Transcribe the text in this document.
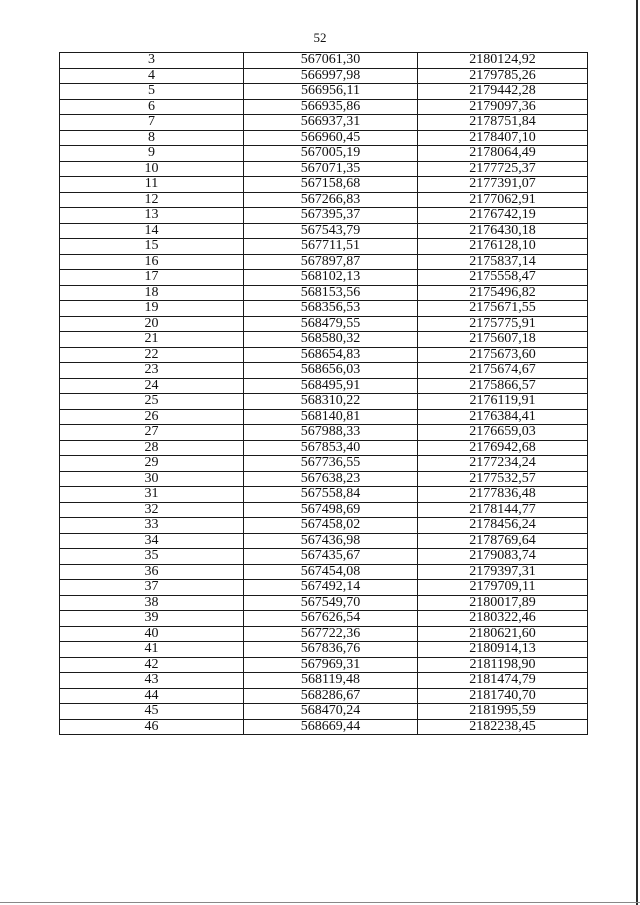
52
3	567061,30	2180124,92
4	566997,98	2179785,26
5	566956,11	2179442,28
6	566935,86	2179097,36
7	566937,31	2178751,84
8	566960,45	2178407,10
9	567005,19	2178064,49
10	567071,35	2177725,37
11	567158,68	2177391,07
12	567266,83	2177062,91
13	567395,37	2176742,19
14	567543,79	2176430,18
15	567711,51	2176128,10
16	567897,87	2175837,14
17	568102,13	2175558,47
18	568153,56	2175496,82
19	568356,53	2175671,55
20	568479,55	2175775,91
21	568580,32	2175607,18
22	568654,83	2175673,60
23	568656,03	2175674,67
24	568495,91	2175866,57
25	568310,22	2176119,91
26	568140,81	2176384,41
27	567988,33	2176659,03
28	567853,40	2176942,68
29	567736,55	2177234,24
30	567638,23	2177532,57
31	567558,84	2177836,48
32	567498,69	2178144,77
33	567458,02	2178456,24
34	567436,98	2178769,64
35	567435,67	2179083,74
36	567454,08	2179397,31
37	567492,14	2179709,11
38	567549,70	2180017,89
39	567626,54	2180322,46
40	567722,36	2180621,60
41	567836,76	2180914,13
42	567969,31	2181198,90
43	568119,48	2181474,79
44	568286,67	2181740,70
45	568470,24	2181995,59
46	568669,44	2182238,45
